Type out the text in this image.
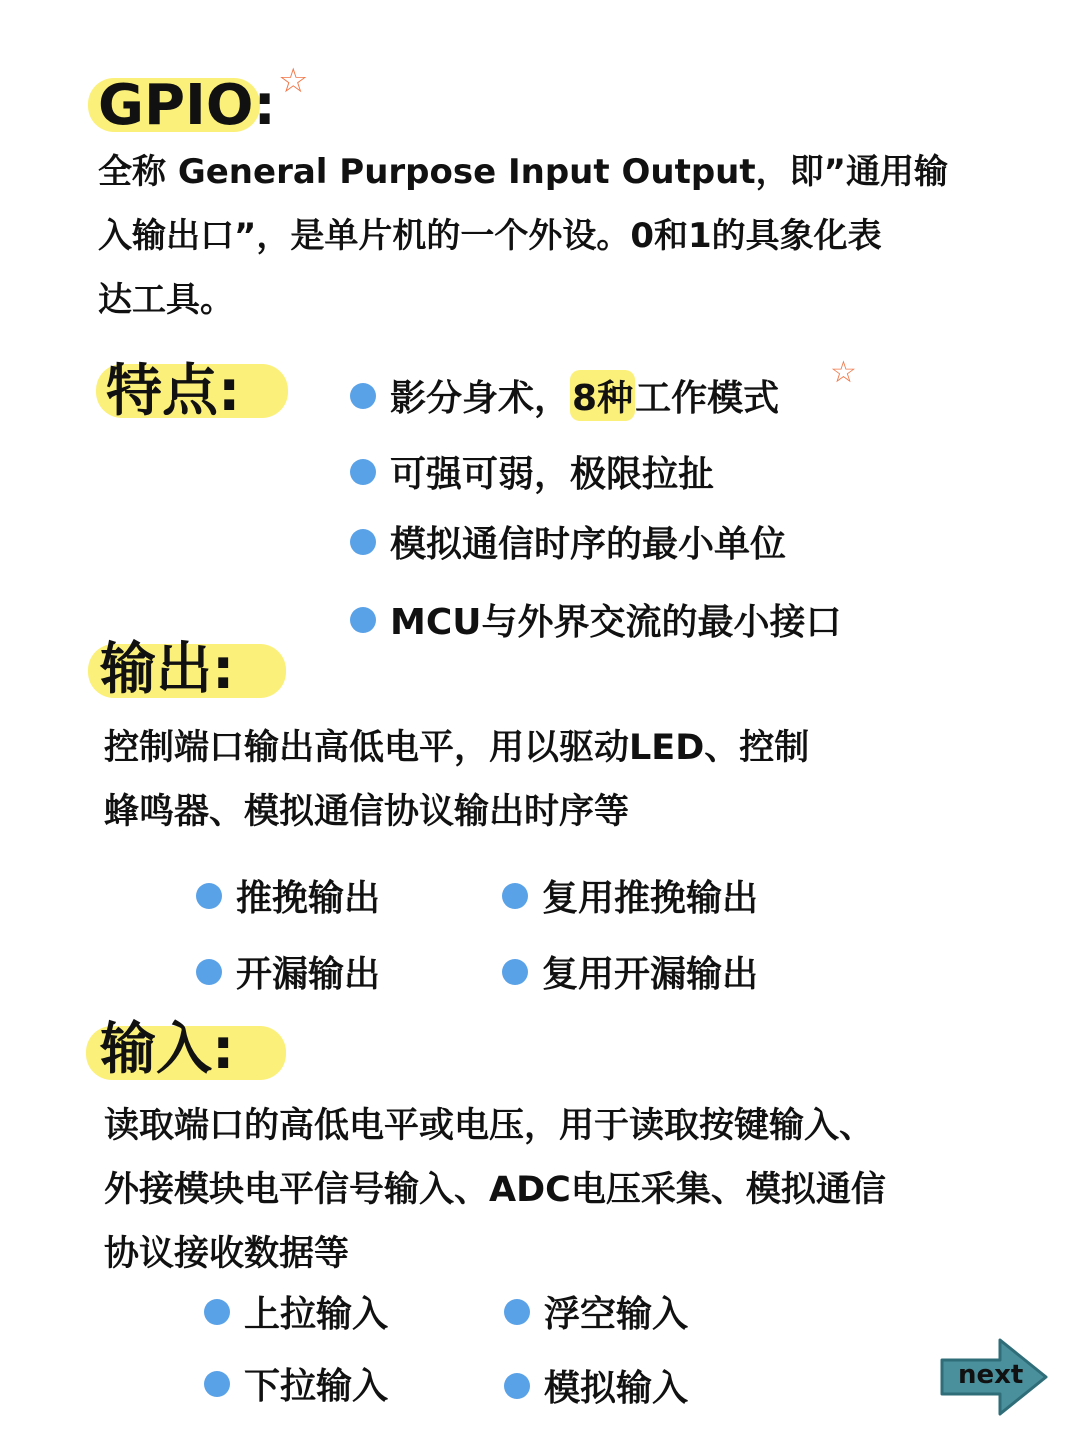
GPIO: ☆
全称 General Purpose Input Output，即”通用输
入输出口”，是单片机的一个外设。0和1的具象化表
达工具。
特点:	影分身术， 8种 工作模式
☆
可强可弱，极限拉扯
模拟通信时序的最小单位
MCU与外界交流的最小接口
输出:
控制端口输出高低电平，用以驱动LED、控制
蜂鸣器、模拟通信协议输出时序等
推挽输出	复用推挽输出
开漏输出	复用开漏输出
输入:
读取端口的高低电平或电压，用于读取按键输入、
外接模块电平信号输入、ADC电压采集、模拟通信
协议接收数据等
上拉输入	浮空输入
下拉输入	模拟输入	next
